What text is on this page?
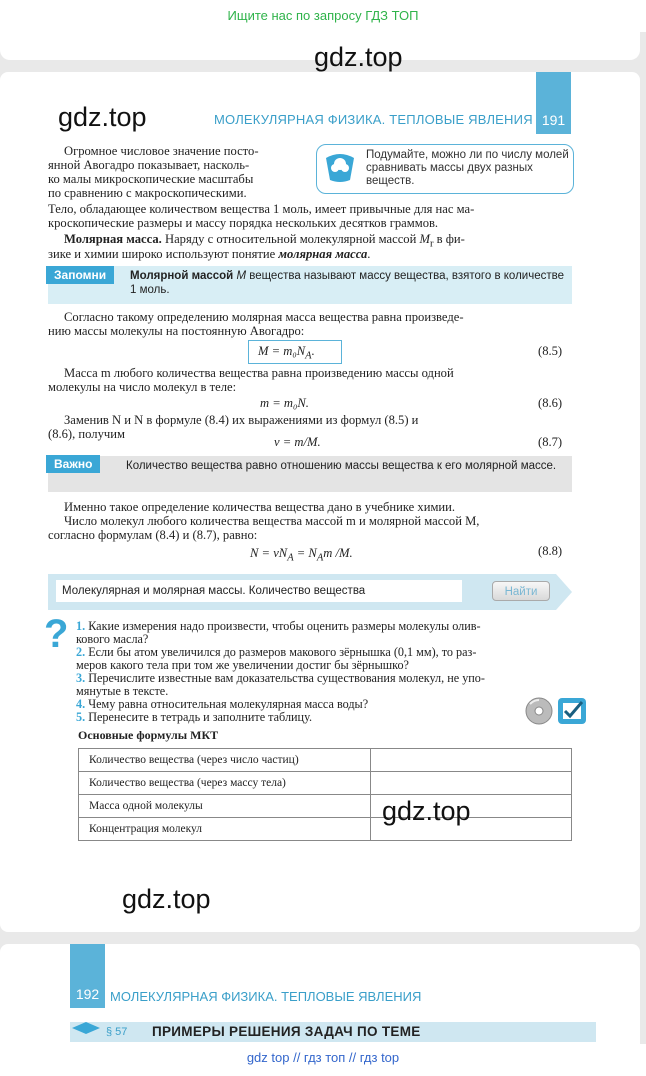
Ищите нас по запросу ГДЗ ТОП
gdz.top
gdz.top	МОЛЕКУЛЯРНАЯ ФИЗИКА. ТЕПЛОВЫЕ ЯВЛЕНИЯ 191
Огромное числовое значение посто-
янной Авогадро показывает, насколь-
ко малы микроскопические масштабы
по сравнению с макроскопическими.
Тело, обладающее количеством вещества 1 моль, имеет привычные для нас ма-
кроскопические размеры и массу порядка нескольких десятков граммов.
Подумайте, можно ли по числу молей сравнивать массы двух разных веществ.
Молярная масса. Наряду с относительной молекулярной массой $M_r$ в фи-
зике и химии широко используют понятие молярная масса.
Запомни	Молярной массой M вещества называют массу вещества, взятого в количестве 1 моль.
Согласно такому определению молярная масса вещества равна произведе-
нию массы молекулы на постоянную Авогадро:
$M = m_0N_A$.	(8.5)
Масса m любого количества вещества равна произведению массы одной
молекулы на число молекул в теле:
m = m₀N.	(8.6)
Заменив N и N в формуле (8.4) их выражениями из формул (8.5) и
(8.6), получим
ν = m/M.	(8.7)
Важно	Количество вещества равно отношению массы вещества к его молярной массе.
Именно такое определение количества вещества дано в учебнике химии.
Число молекул любого количества вещества массой m и молярной массой M,
согласно формулам (8.4) и (8.7), равно:
$N = \nu N_A = N_Am$ /M.	(8.8)
Молекулярная и молярная массы. Количество вещества	Найти
? 1. Какие измерения надо произвести, чтобы оценить размеры молекулы олив-
кового масла?
2. Если бы атом увеличился до размеров макового зёрнышка (0,1 мм), то раз-
меров какого тела при том же увеличении достиг бы зёрнышко?
3. Перечислите известные вам доказательства существования молекул, не упо-
мянутые в тексте.
4. Чему равна относительная молекулярная масса воды?
5. Перенесите в тетрадь и заполните таблицу.
Основные формулы МКТ
Количество вещества (через число частиц)	
Количество вещества (через массу тела)	
Масса одной молекулы	
Концентрация молекул	
gdz.top
gdz.top
192 МОЛЕКУЛЯРНАЯ ФИЗИКА. ТЕПЛОВЫЕ ЯВЛЕНИЯ
§ 57 ПРИМЕРЫ РЕШЕНИЯ ЗАДАЧ ПО ТЕМЕ
gdz top // гдз топ // гдз top
